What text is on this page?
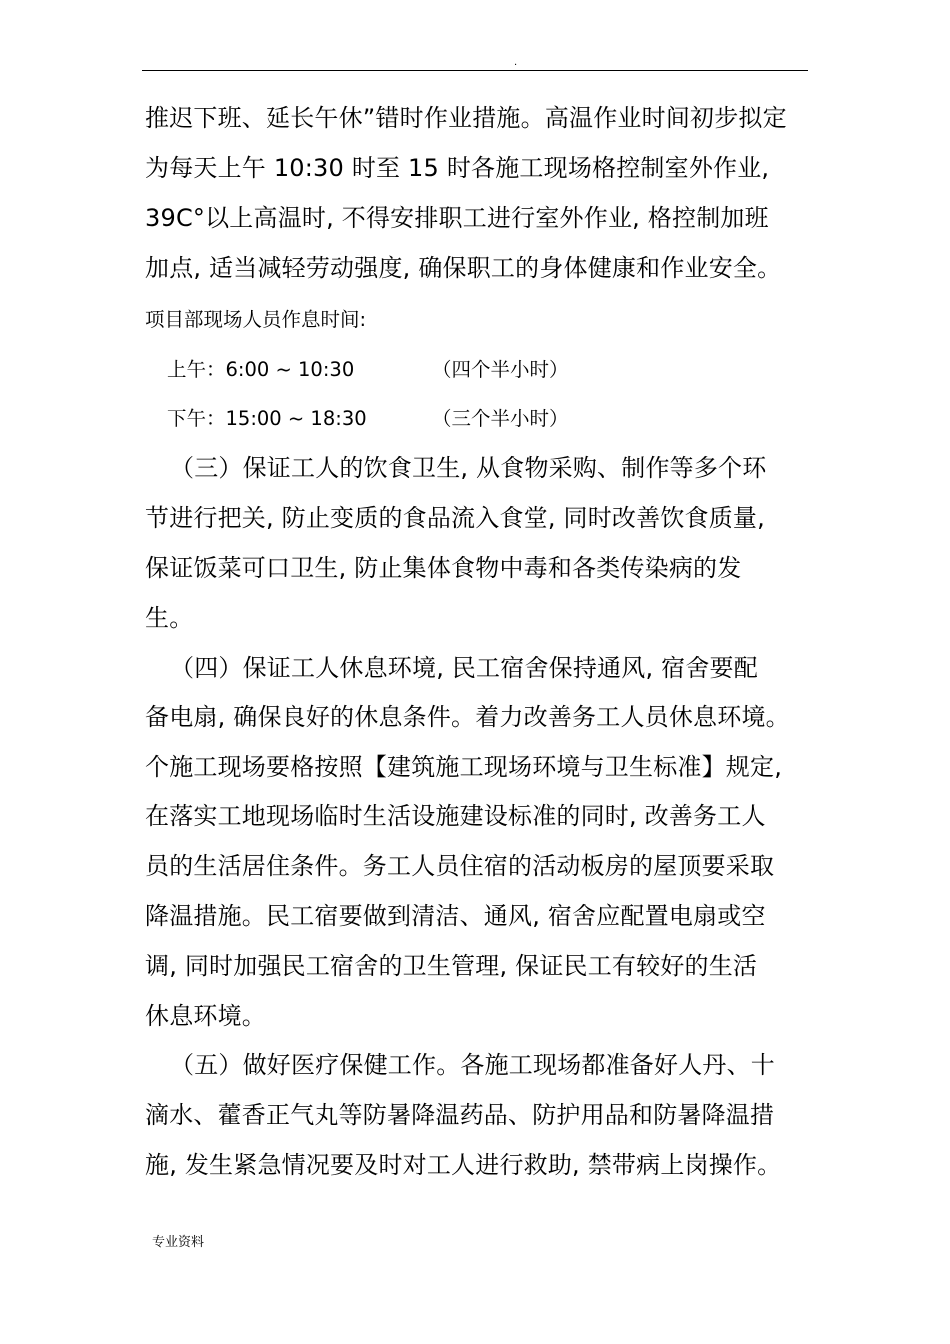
.
推迟下班、延长午休”错时作业措施。高温作业时间初步拟定
为每天上午 10:30 时至 15 时各施工现场格控制室外作业,
39C°以上高温时, 不得安排职工进行室外作业, 格控制加班
加点, 适当减轻劳动强度, 确保职工的身体健康和作业安全。
项目部现场人员作息时间:
上午：6:00 ~ 10:30	（四个半小时）
下午：15:00 ~ 18:30	（三个半小时）
（三）保证工人的饮食卫生, 从食物采购、制作等多个环
节进行把关, 防止变质的食品流入食堂, 同时改善饮食质量,
保证饭菜可口卫生, 防止集体食物中毒和各类传染病的发
生。
（四）保证工人休息环境, 民工宿舍保持通风, 宿舍要配
备电扇, 确保良好的休息条件。着力改善务工人员休息环境。
个施工现场要格按照【建筑施工现场环境与卫生标准】规定,
在落实工地现场临时生活设施建设标准的同时, 改善务工人
员的生活居住条件。务工人员住宿的活动板房的屋顶要采取
降温措施。民工宿要做到清洁、通风, 宿舍应配置电扇或空
调, 同时加强民工宿舍的卫生管理, 保证民工有较好的生活
休息环境。
（五）做好医疗保健工作。各施工现场都准备好人丹、十
滴水、藿香正气丸等防暑降温药品、防护用品和防暑降温措
施, 发生紧急情况要及时对工人进行救助, 禁带病上岗操作。
专业资料
